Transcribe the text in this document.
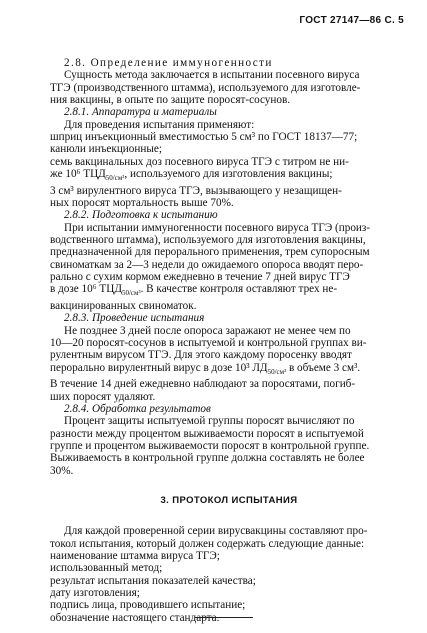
ГОСТ 27147—86 С. 5
2.8. Определение иммуногенности
Сущность метода заключается в испытании посевного вируса
ТГЭ (производственного штамма), используемого для изготовле-
ния вакцины, в опыте по защите поросят-сосунов.
2.8.1. Аппаратура и материалы
Для проведения испытания применяют:
шприц инъекционный вместимостью 5 см³ по ГОСТ 18137—77;
канюли инъекционные;
семь вакцинальных доз посевного вируса ТГЭ с титром не ни-
же 10⁶ $ТЦД_{50/см^3}$, используемого для изготовления вакцины;
3 см³ вирулентного вируса ТГЭ, вызывающего у незащищен-
ных поросят мортальность выше 70%.
2.8.2. Подготовка к испытанию
При испытании иммуногенности посевного вируса ТГЭ (произ-
водственного штамма), используемого для изготовления вакцины,
предназначенной для перорального применения, трем супоросным
свиноматкам за 2—3 недели до ожидаемого опороса вводят перо-
рально с сухим кормом ежедневно в течение 7 дней вирус ТГЭ
в дозе 10⁶ $ТЦД_{50/см^3}$. В качестве контроля оставляют трех не-
вакцинированных свиноматок.
2.8.3. Проведение испытания
Не позднее 3 дней после опороса заражают не менее чем по
10—20 поросят-сосунов в испытуемой и контрольной группах ви-
рулентным вирусом ТГЭ. Для этого каждому поросенку вводят
перорально вирулентный вирус в дозе 10³ $ЛД_{50/см^3}$ в объеме 3 см³.
В течение 14 дней ежедневно наблюдают за поросятами, погиб-
ших поросят удаляют.
2.8.4. Обработка результатов
Процент защиты испытуемой группы поросят вычисляют по
разности между процентом выживаемости поросят в испытуемой
группе и процентом выживаемости поросят в контрольной группе.
Выживаемость в контрольной группе должна составлять не более
30%.
3. ПРОТОКОЛ ИСПЫТАНИЯ
Для каждой проверенной серии вирусвакцины составляют про-
токол испытания, который должен содержать следующие данные:
наименование штамма вируса ТГЭ;
использованный метод;
результат испытания показателей качества;
дату изготовления;
подпись лица, проводившего испытание;
обозначение настоящего стандарта.
